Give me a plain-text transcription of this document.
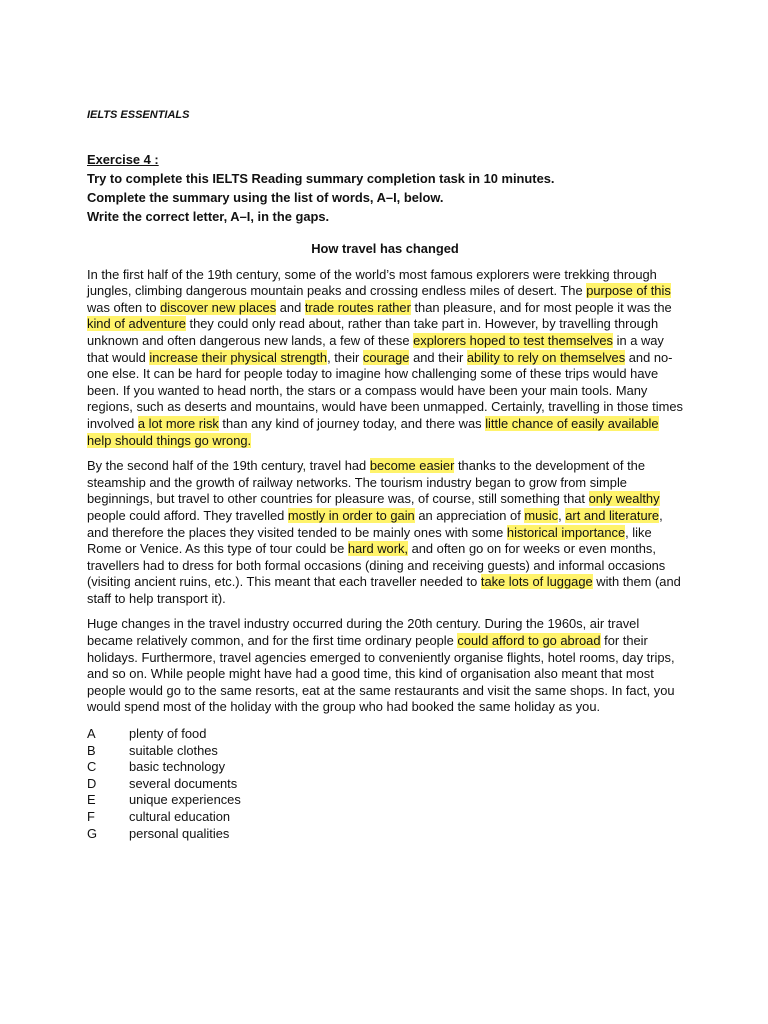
IELTS ESSENTIALS

Exercise 4 :
Try to complete this IELTS Reading summary completion task in 10 minutes.
Complete the summary using the list of words, A–I, below.
Write the correct letter, A–I, in the gaps.
How travel has changed

In the first half of the 19th century, some of the world’s most famous explorers were trekking through jungles, climbing dangerous mountain peaks and crossing endless miles of desert. The purpose of this was often to discover new places and trade routes rather than pleasure, and for most people it was the kind of adventure they could only read about, rather than take part in. However, by travelling through unknown and often dangerous new lands, a few of these explorers hoped to test themselves in a way that would increase their physical strength, their courage and their ability to rely on themselves and no-one else. It can be hard for people today to imagine how challenging some of these trips would have been. If you wanted to head north, the stars or a compass would have been your main tools. Many regions, such as deserts and mountains, would have been unmapped. Certainly, travelling in those times involved a lot more risk than any kind of journey today, and there was little chance of easily available help should things go wrong.

By the second half of the 19th century, travel had become easier thanks to the development of the steamship and the growth of railway networks. The tourism industry began to grow from simple beginnings, but travel to other countries for pleasure was, of course, still something that only wealthy people could afford. They travelled mostly in order to gain an appreciation of music, art and literature, and therefore the places they visited tended to be mainly ones with some historical importance, like Rome or Venice. As this type of tour could be hard work, and often go on for weeks or even months, travellers had to dress for both formal occasions (dining and receiving guests) and informal occasions (visiting ancient ruins, etc.). This meant that each traveller needed to take lots of luggage with them (and staff to help transport it).

Huge changes in the travel industry occurred during the 20th century. During the 1960s, air travel became relatively common, and for the first time ordinary people could afford to go abroad for their holidays. Furthermore, travel agencies emerged to conveniently organise flights, hotel rooms, day trips, and so on. While people might have had a good time, this kind of organisation also meant that most people would go to the same resorts, eat at the same restaurants and visit the same shops. In fact, you would spend most of the holiday with the group who had booked the same holiday as you.

A	plenty of food
B	suitable clothes
C	basic technology
D	several documents
E	unique experiences
F	cultural education
G	personal qualities
